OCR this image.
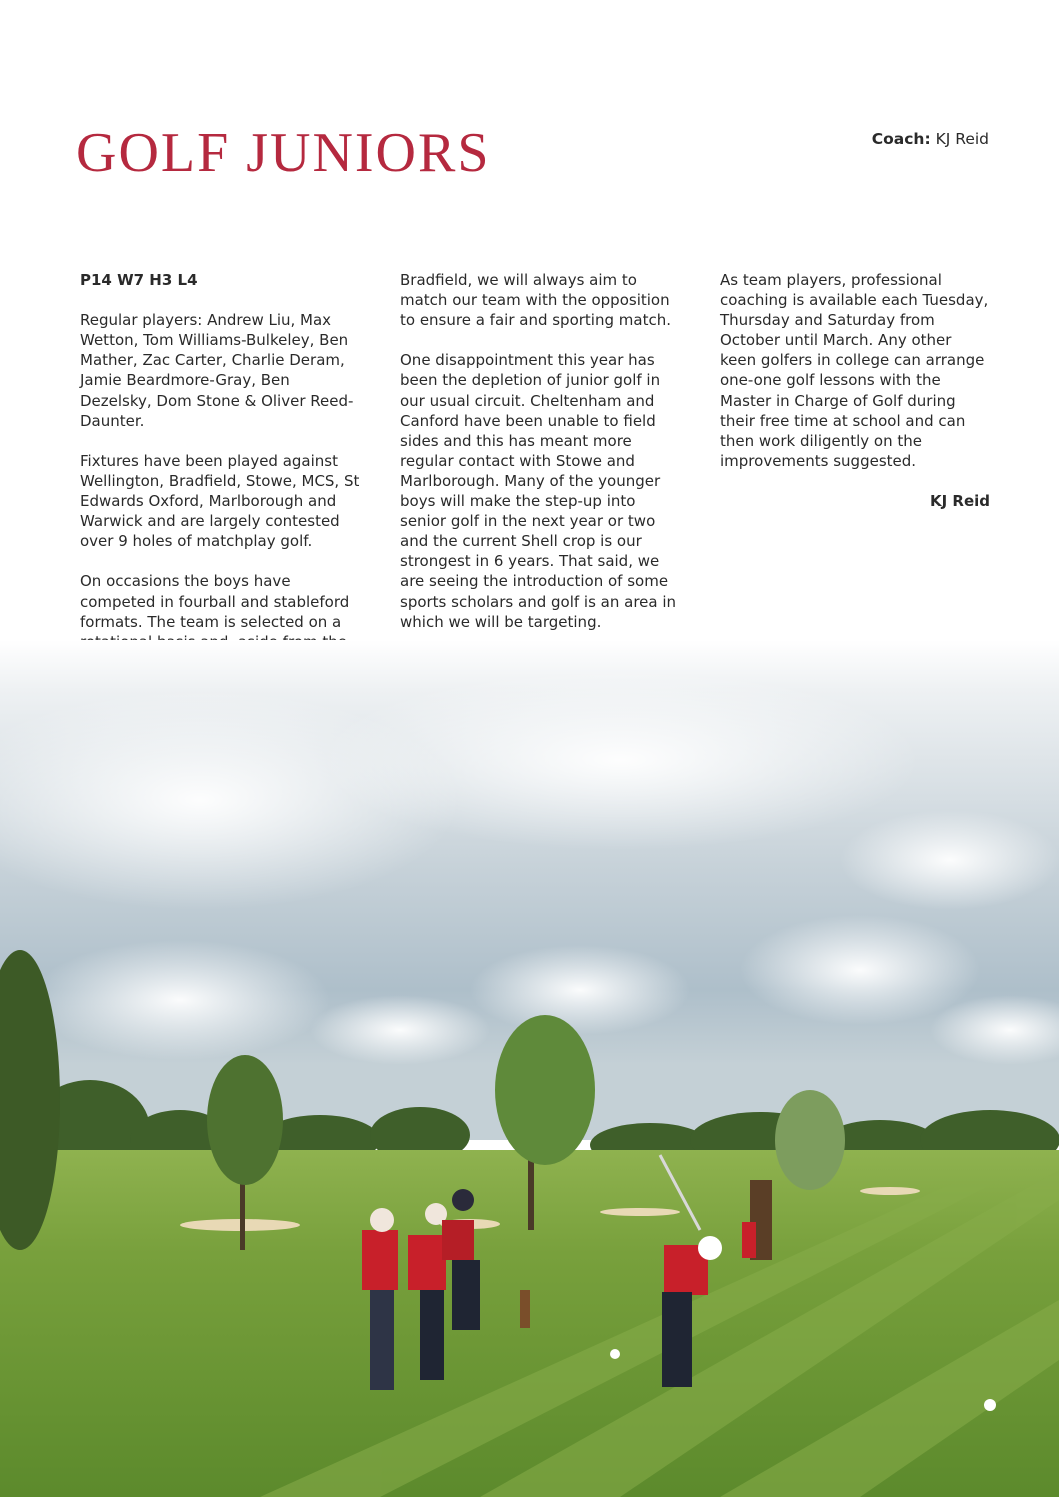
GOLF JUNIORS	Coach: KJ Reid

P14 W7 H3 L4

Regular players: Andrew Liu, Max Wetton, Tom Williams-Bulkeley, Ben Mather, Zac Carter, Charlie Deram, Jamie Beardmore-Gray, Ben Dezelsky, Dom Stone & Oliver Reed-Daunter.

Fixtures have been played against Wellington, Bradfield, Stowe, MCS, St Edwards Oxford, Marlborough and Warwick and are largely contested over 9 holes of matchplay golf.

On occasions the boys have competed in fourball and stableford formats. The team is selected on a

Bradfield, we will always aim to match our team with the opposition to ensure a fair and sporting match.

One disappointment this year has been the depletion of junior golf in our usual circuit. Cheltenham and Canford have been unable to field sides and this has meant more regular contact with Stowe and Marlborough. Many of the younger boys will make the step-up into senior golf in the next year or two and the current Shell crop is our strongest in 6 years. That said, we are seeing the introduction of some sports scholars and golf is an area in which we will be targeting.

As team players, professional coaching is available each Tuesday, Thursday and Saturday from October until March. Any other keen golfers in college can arrange one-one golf lessons with the Master in Charge of Golf during their free time at school and can then work diligently on the improvements suggested.

KJ Reid
